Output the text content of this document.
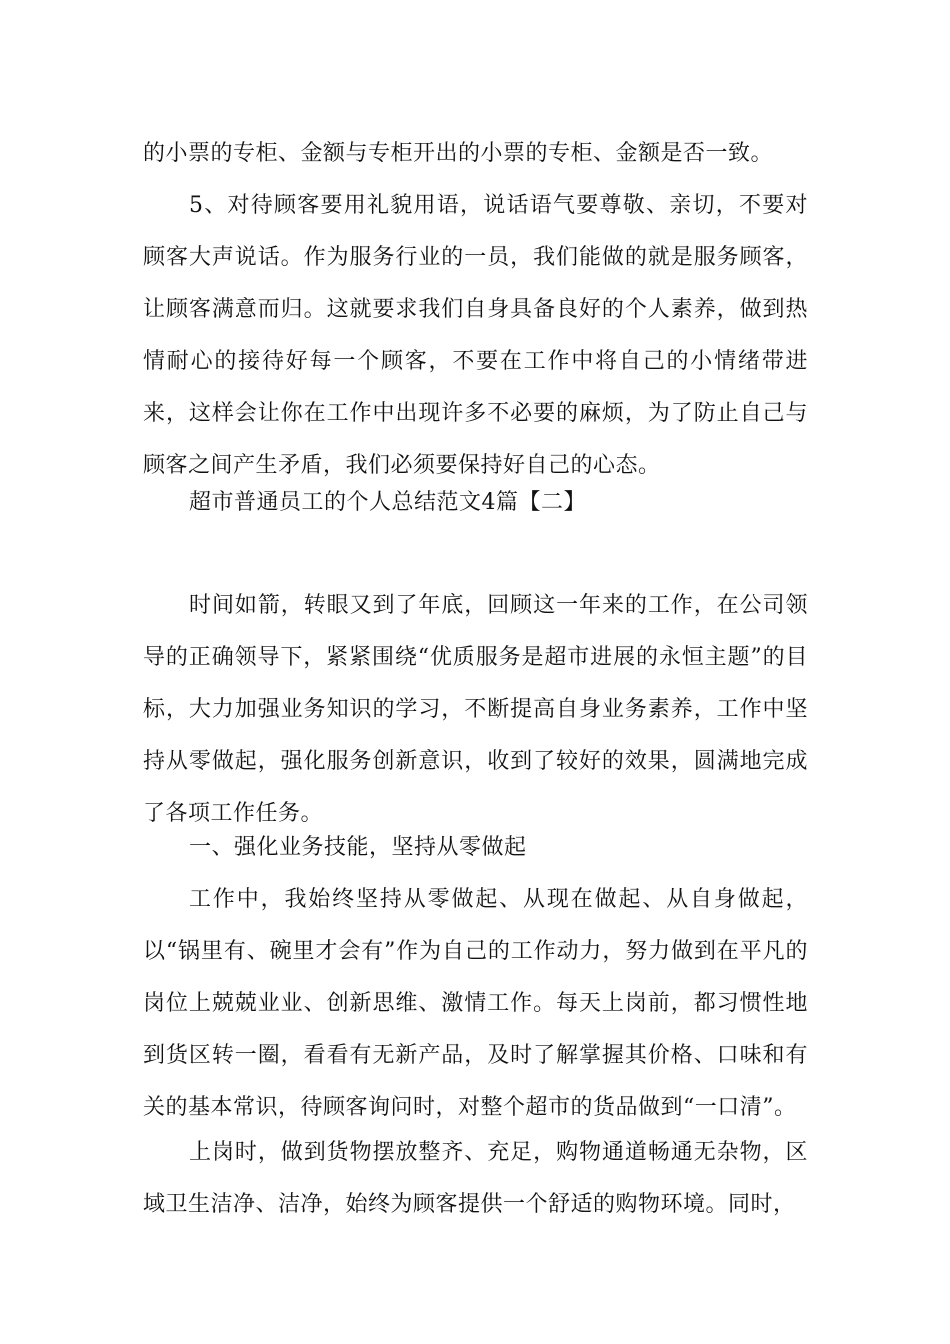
的小票的专柜、金额与专柜开出的小票的专柜、金额是否一致。

5、对待顾客要用礼貌用语，说话语气要尊敬、亲切，不要对顾客大声说话。作为服务行业的一员，我们能做的就是服务顾客，让顾客满意而归。这就要求我们自身具备良好的个人素养，做到热情耐心的接待好每一个顾客，不要在工作中将自己的小情绪带进来，这样会让你在工作中出现许多不必要的麻烦，为了防止自己与顾客之间产生矛盾，我们必须要保持好自己的心态。

超市普通员工的个人总结范文4篇【二】

时间如箭，转眼又到了年底，回顾这一年来的工作，在公司领导的正确领导下，紧紧围绕“优质服务是超市进展的永恒主题”的目标，大力加强业务知识的学习，不断提高自身业务素养，工作中坚持从零做起，强化服务创新意识，收到了较好的效果，圆满地完成了各项工作任务。

一、强化业务技能，坚持从零做起

工作中，我始终坚持从零做起、从现在做起、从自身做起，以“锅里有、碗里才会有”作为自己的工作动力，努力做到在平凡的岗位上兢兢业业、创新思维、激情工作。每天上岗前，都习惯性地到货区转一圈，看看有无新产品，及时了解掌握其价格、口味和有关的基本常识，待顾客询问时，对整个超市的货品做到“一口清”。

上岗时，做到货物摆放整齐、充足，购物通道畅通无杂物，区域卫生洁净、洁净，始终为顾客提供一个舒适的购物环境。同时，
